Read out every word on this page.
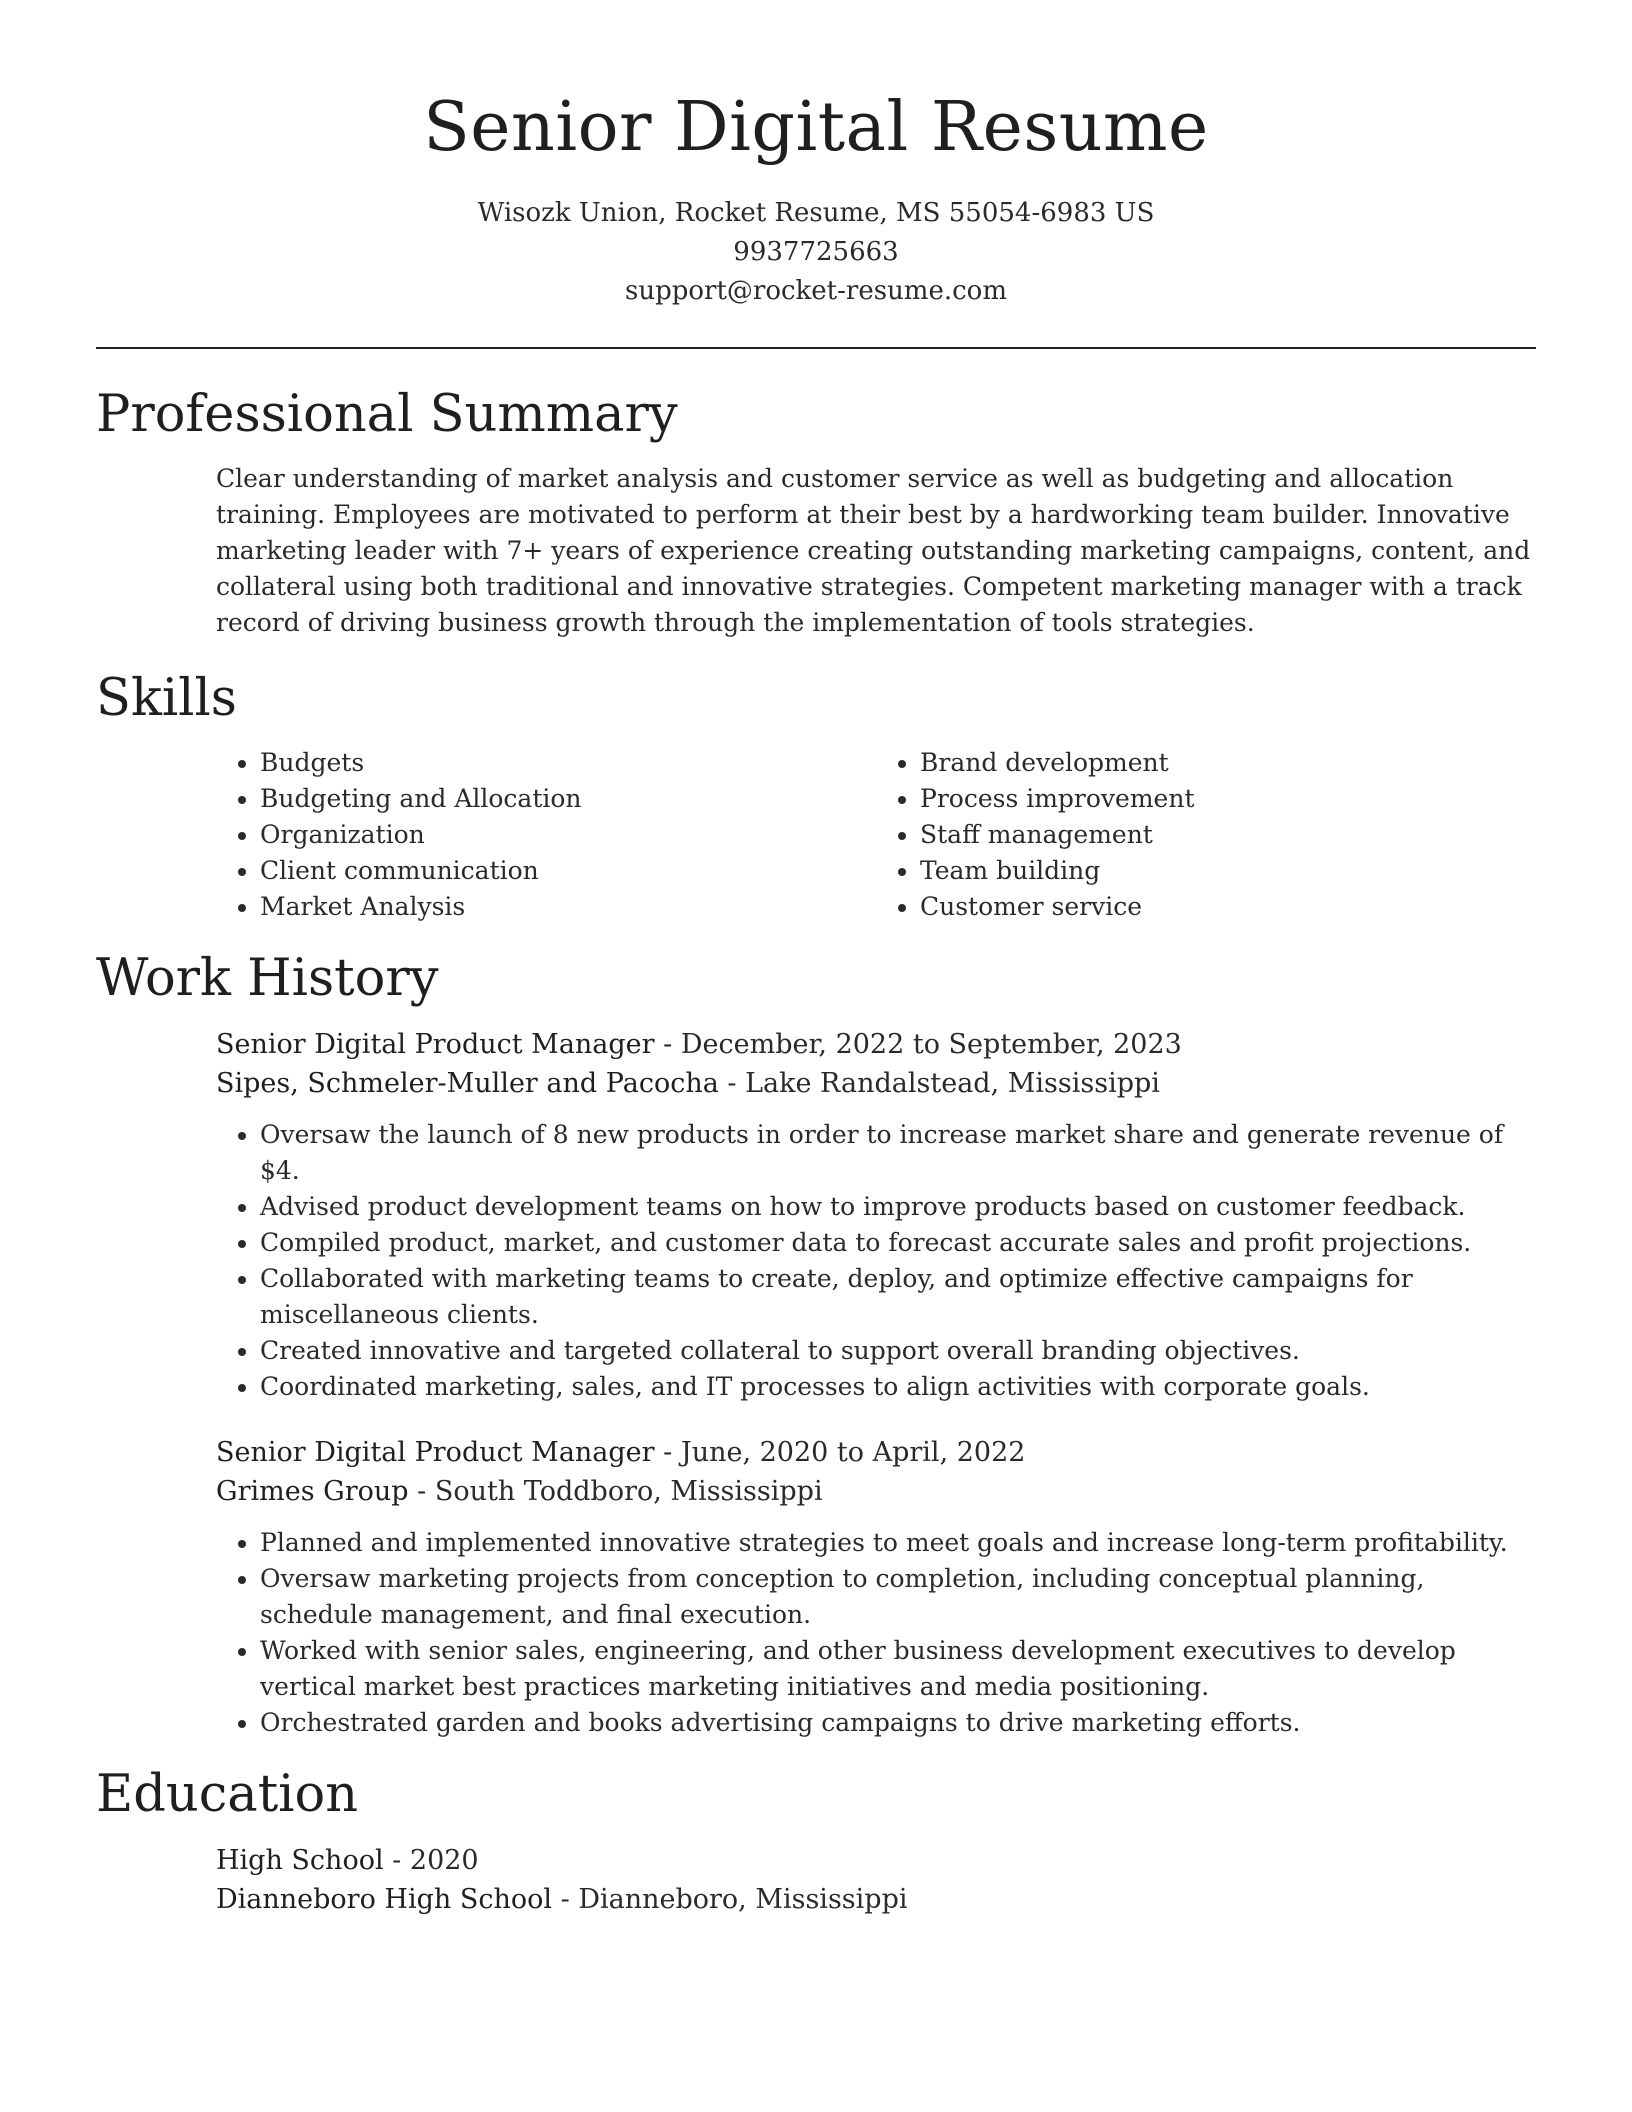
Senior Digital Resume
Wisozk Union, Rocket Resume, MS 55054-6983 US
9937725663
support@rocket-resume.com
Professional Summary

Clear understanding of market analysis and customer service as well as budgeting and allocation training. Employees are motivated to perform at their best by a hardworking team builder. Innovative marketing leader with 7+ years of experience creating outstanding marketing campaigns, content, and collateral using both traditional and innovative strategies. Competent marketing manager with a track record of driving business growth through the implementation of tools strategies.

Skills
• Budgets
• Budgeting and Allocation
• Organization
• Client communication
• Market Analysis
• Brand development
• Process improvement
• Staff management
• Team building
• Customer service
Work History
Senior Digital Product Manager - December, 2022 to September, 2023
Sipes, Schmeler-Muller and Pacocha - Lake Randalstead, Mississippi
• Oversaw the launch of 8 new products in order to increase market share and generate revenue of $4.
• Advised product development teams on how to improve products based on customer feedback.
• Compiled product, market, and customer data to forecast accurate sales and profit projections.
• Collaborated with marketing teams to create, deploy, and optimize effective campaigns for miscellaneous clients.
• Created innovative and targeted collateral to support overall branding objectives.
• Coordinated marketing, sales, and IT processes to align activities with corporate goals.
Senior Digital Product Manager - June, 2020 to April, 2022
Grimes Group - South Toddboro, Mississippi
• Planned and implemented innovative strategies to meet goals and increase long-term profitability.
• Oversaw marketing projects from conception to completion, including conceptual planning, schedule management, and final execution.
• Worked with senior sales, engineering, and other business development executives to develop vertical market best practices marketing initiatives and media positioning.
• Orchestrated garden and books advertising campaigns to drive marketing efforts.
Education
High School - 2020
Dianneboro High School - Dianneboro, Mississippi
